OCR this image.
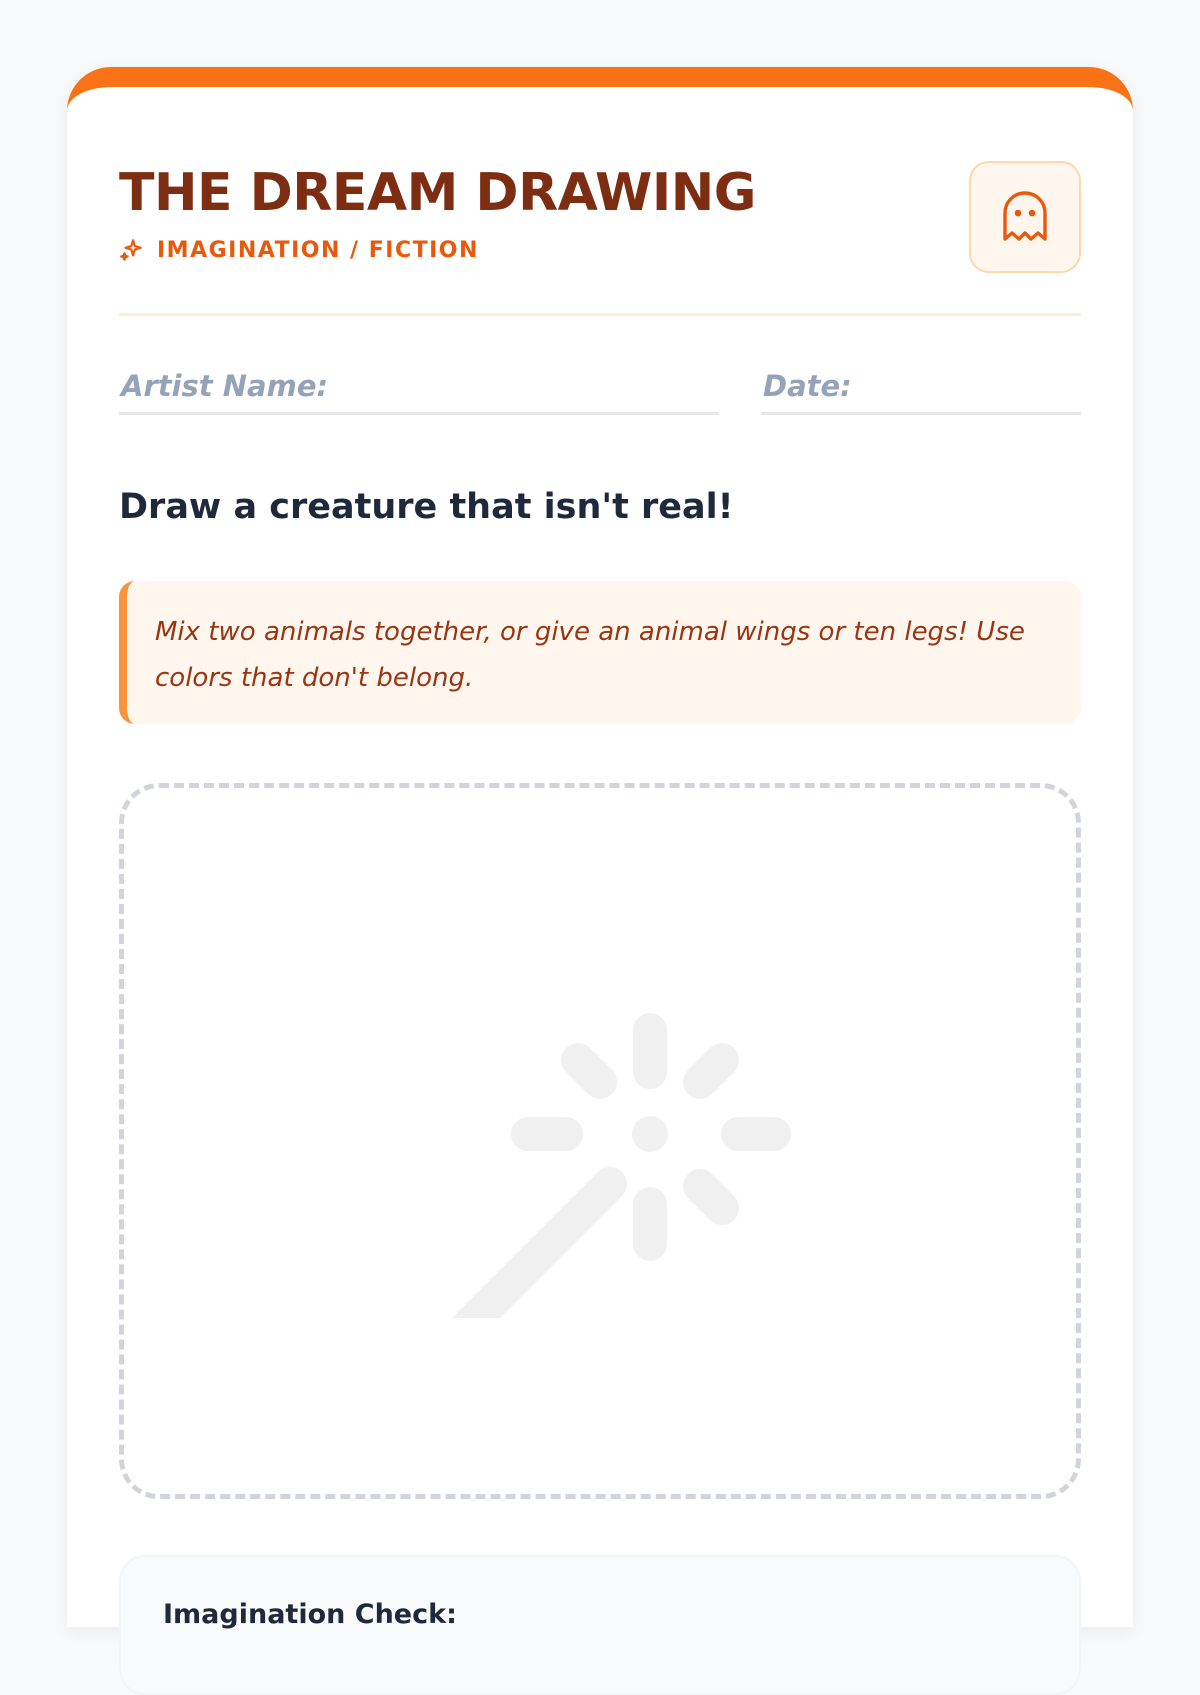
THE DREAM DRAWING
IMAGINATION / FICTION
Artist Name:	Date:
Draw a creature that isn't real!

Mix two animals together, or give an animal wings or ten legs! Use colors that don't belong.

Imagination Check:
